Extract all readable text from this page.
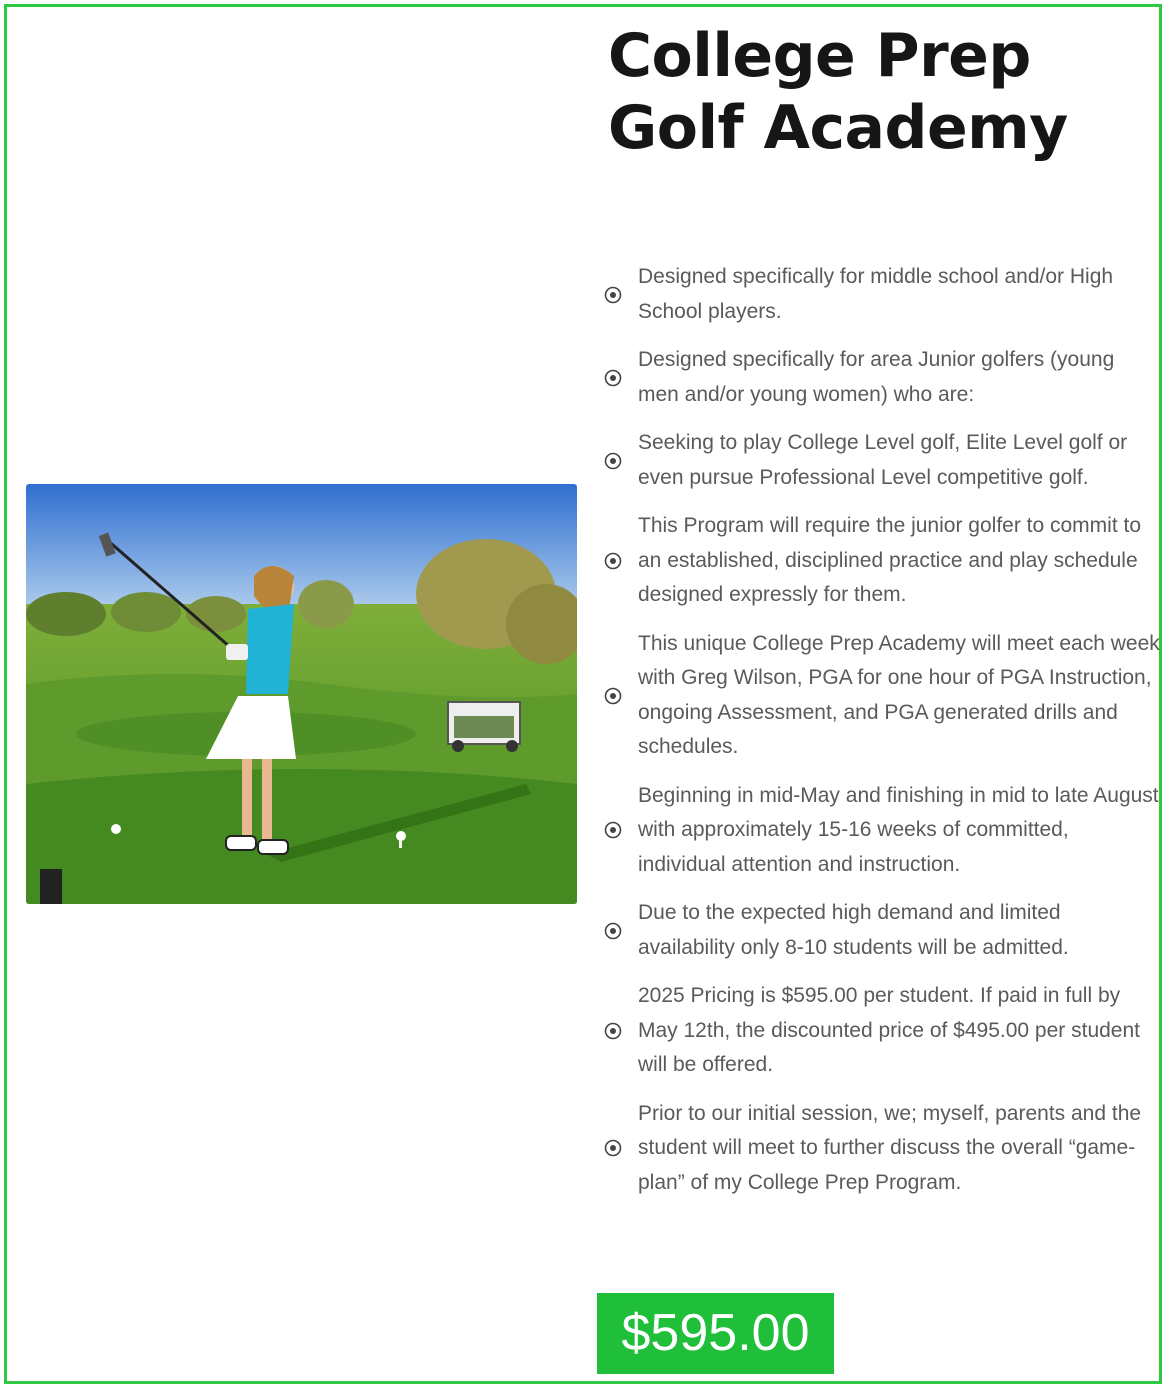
College Prep Golf Academy
Designed specifically for middle school and/or High School players.
Designed specifically for area Junior golfers (young men and/or young women) who are:
Seeking to play College Level golf, Elite Level golf or even pursue Professional Level competitive golf.
This Program will require the junior golfer to commit to an established, disciplined practice and play schedule designed expressly for them.
This unique College Prep Academy will meet each week with Greg Wilson, PGA for one hour of PGA Instruction, ongoing Assessment, and PGA generated drills and schedules.
Beginning in mid-May and finishing in mid to late August with approximately 15-16 weeks of committed, individual attention and instruction.
Due to the expected high demand and limited availability only 8-10 students will be admitted.
2025 Pricing is $595.00 per student. If paid in full by May 12th, the discounted price of $495.00 per student will be offered.
Prior to our initial session, we; myself, parents and the student will meet to further discuss the overall “game-plan” of my College Prep Program.
$595.00
